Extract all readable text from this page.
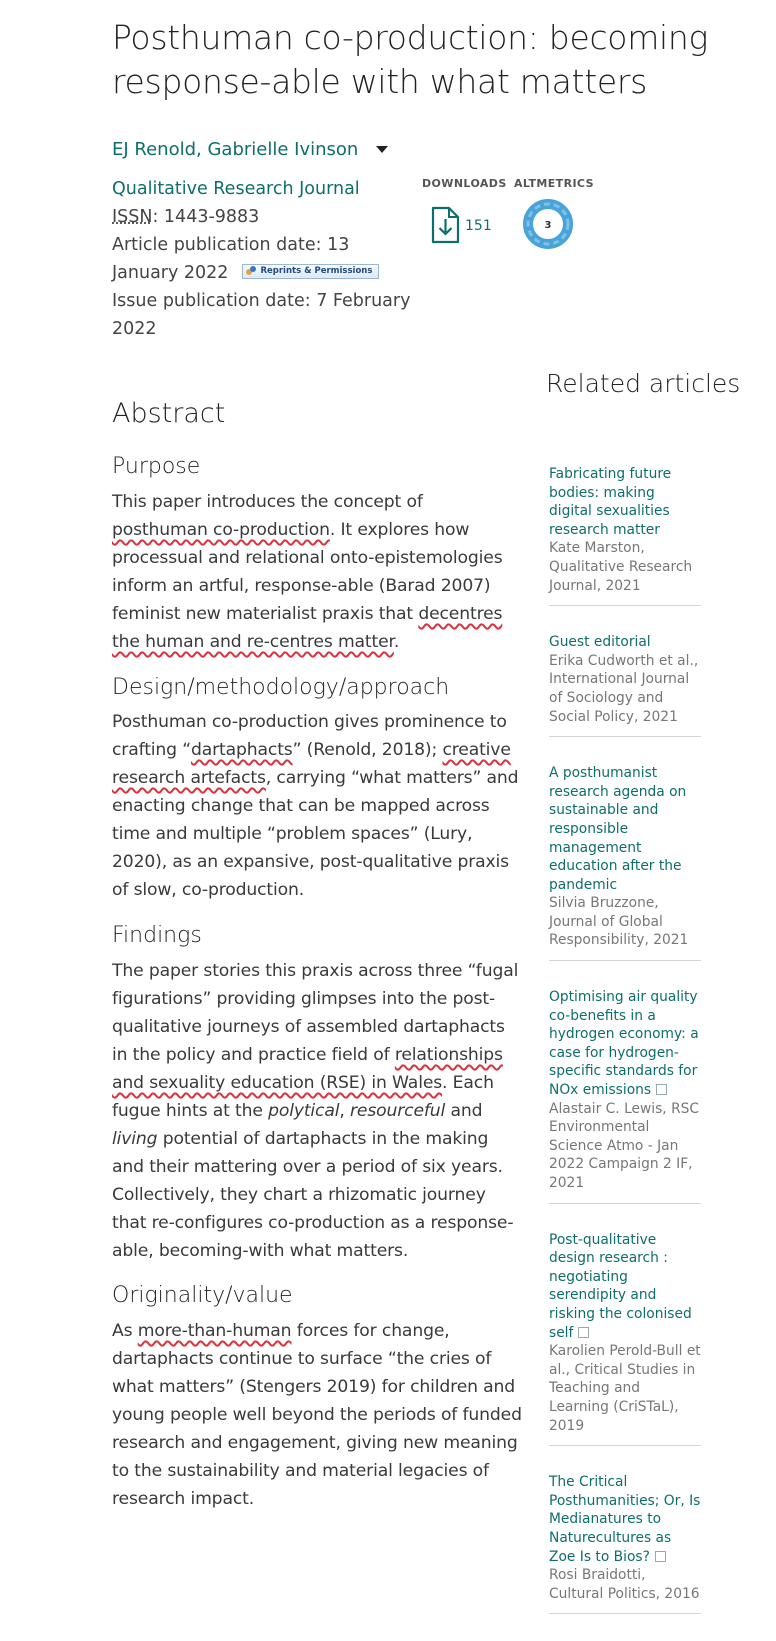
Posthuman co-production: becoming response-able with what matters
EJ Renold, Gabrielle Ivinson
Qualitative Research Journal
ISSN: 1443-9883
Article publication date: 13 January 2022	Reprints & Permissions
Issue publication date: 7 February 2022
DOWNLOADS ALTMETRICS
151	3
Abstract
Purpose

This paper introduces the concept of posthuman co-production. It explores how processual and relational onto-epistemologies inform an artful, response-able (Barad 2007) feminist new materialist praxis that decentres the human and re-centres matter.

Design/methodology/approach

Posthuman co-production gives prominence to crafting “dartaphacts” (Renold, 2018); creative research artefacts, carrying “what matters” and enacting change that can be mapped across time and multiple “problem spaces” (Lury, 2020), as an expansive, post-qualitative praxis of slow, co-production.

Findings

The paper stories this praxis across three “fugal figurations” providing glimpses into the post-qualitative journeys of assembled dartaphacts in the policy and practice field of relationships and sexuality education (RSE) in Wales. Each fugue hints at the polytical, resourceful and living potential of dartaphacts in the making and their mattering over a period of six years. Collectively, they chart a rhizomatic journey that re-configures co-production as a response-able, becoming-with what matters.

Originality/value

As more-than-human forces for change, dartaphacts continue to surface “the cries of what matters” (Stengers 2019) for children and young people well beyond the periods of funded research and engagement, giving new meaning to the sustainability and material legacies of research impact.

Related articles
Fabricating future bodies: making digital sexualities research matter
Kate Marston, Qualitative Research Journal, 2021
Guest editorial
Erika Cudworth et al., International Journal of Sociology and Social Policy, 2021
A posthumanist research agenda on sustainable and responsible management education after the pandemic
Silvia Bruzzone, Journal of Global Responsibility, 2021
Optimising air quality co-benefits in a hydrogen economy: a case for hydrogen-specific standards for NOx emissions
Alastair C. Lewis, RSC Environmental Science Atmo - Jan 2022 Campaign 2 IF, 2021
Post-qualitative design research : negotiating serendipity and risking the colonised self
Karolien Perold-Bull et al., Critical Studies in Teaching and Learning (CriSTaL), 2019
The Critical Posthumanities; Or, Is Medianatures to Naturecultures as Zoe Is to Bios?
Rosi Braidotti, Cultural Politics, 2016
